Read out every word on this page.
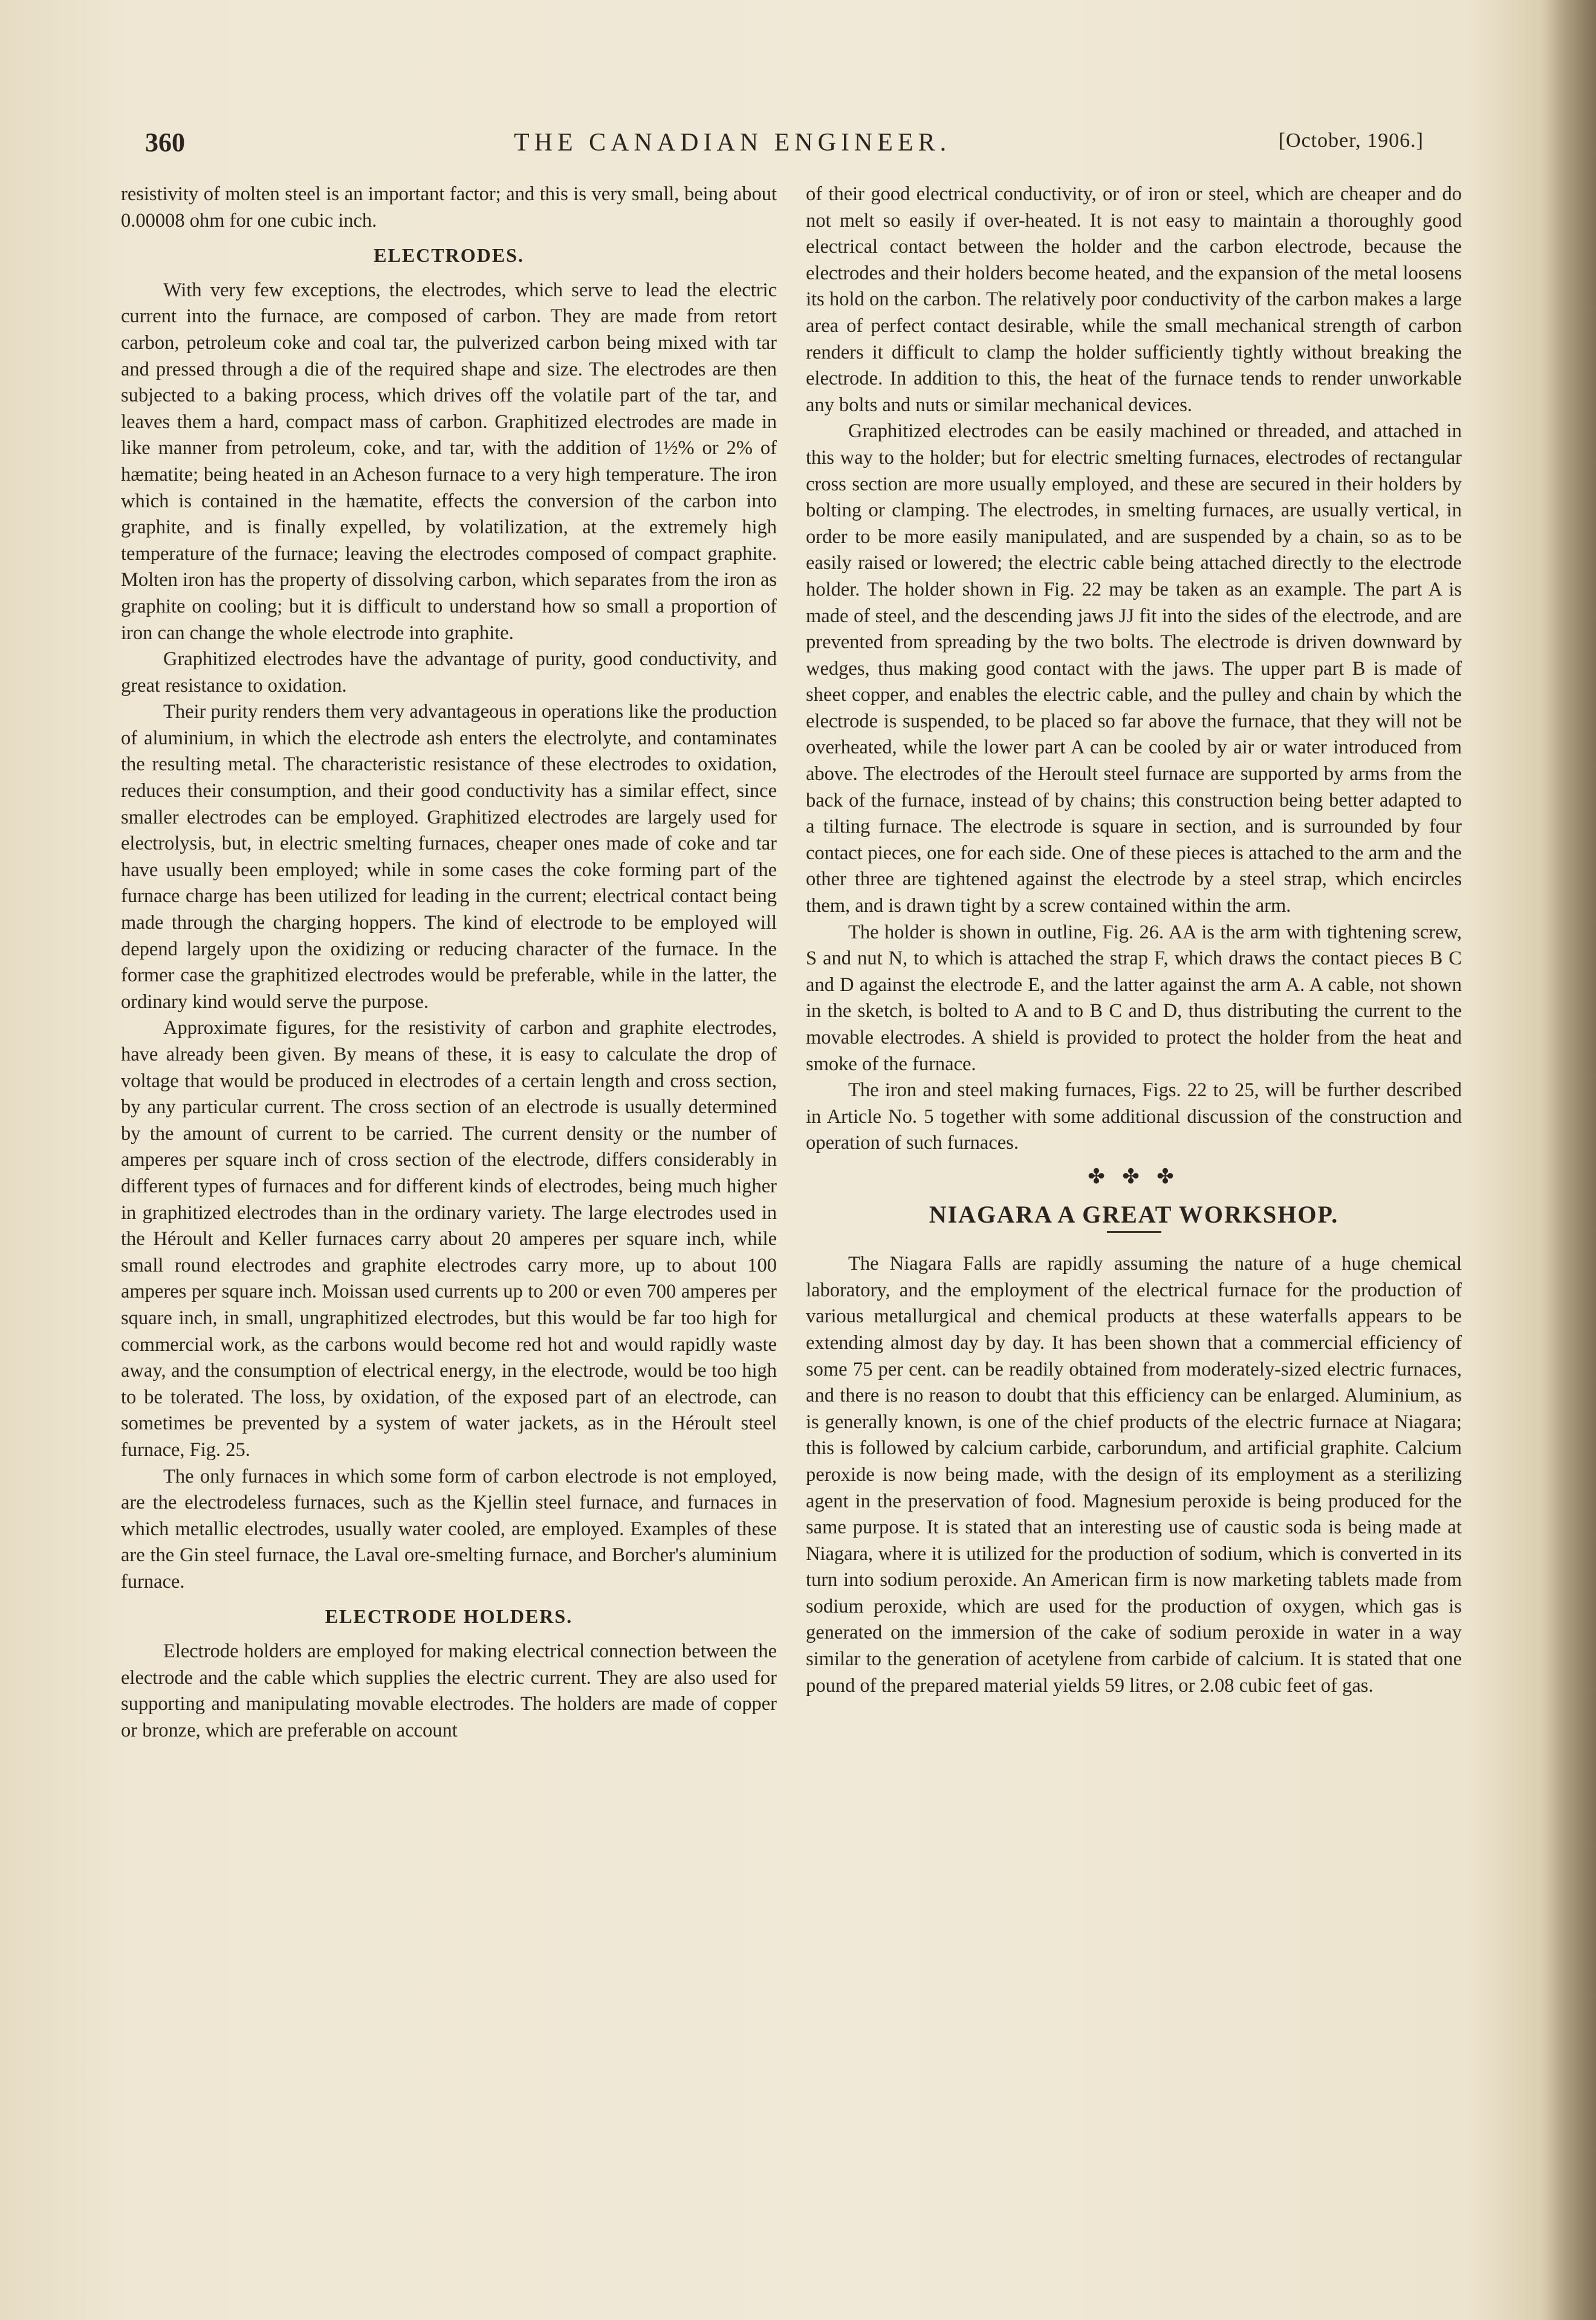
360	THE CANADIAN ENGINEER.	[October, 1906.]

resistivity of molten steel is an important factor; and this is very small, being about 0.00008 ohm for one cubic inch.

ELECTRODES.

With very few exceptions, the electrodes, which serve to lead the electric current into the furnace, are composed of carbon. They are made from retort carbon, petroleum coke and coal tar, the pulverized carbon being mixed with tar and pressed through a die of the required shape and size. The electrodes are then subjected to a baking process, which drives off the volatile part of the tar, and leaves them a hard, compact mass of carbon. Graphitized electrodes are made in like manner from petroleum, coke, and tar, with the addition of 1½% or 2% of hæmatite; being heated in an Acheson furnace to a very high temperature. The iron which is contained in the hæmatite, effects the conversion of the carbon into graphite, and is finally expelled, by volatilization, at the extremely high temperature of the furnace; leaving the electrodes composed of compact graphite. Molten iron has the property of dissolving carbon, which separates from the iron as graphite on cooling; but it is difficult to understand how so small a proportion of iron can change the whole electrode into graphite.

Graphitized electrodes have the advantage of purity, good conductivity, and great resistance to oxidation.

Their purity renders them very advantageous in operations like the production of aluminium, in which the electrode ash enters the electrolyte, and contaminates the resulting metal. The characteristic resistance of these electrodes to oxidation, reduces their consumption, and their good conductivity has a similar effect, since smaller electrodes can be employed. Graphitized electrodes are largely used for electrolysis, but, in electric smelting furnaces, cheaper ones made of coke and tar have usually been employed; while in some cases the coke forming part of the furnace charge has been utilized for leading in the current; electrical contact being made through the charging hoppers. The kind of electrode to be employed will depend largely upon the oxidizing or reducing character of the furnace. In the former case the graphitized electrodes would be preferable, while in the latter, the ordinary kind would serve the purpose.

Approximate figures, for the resistivity of carbon and graphite electrodes, have already been given. By means of these, it is easy to calculate the drop of voltage that would be produced in electrodes of a certain length and cross section, by any particular current. The cross section of an electrode is usually determined by the amount of current to be carried. The current density or the number of amperes per square inch of cross section of the electrode, differs considerably in different types of furnaces and for different kinds of electrodes, being much higher in graphitized electrodes than in the ordinary variety. The large electrodes used in the Héroult and Keller furnaces carry about 20 amperes per square inch, while small round electrodes and graphite electrodes carry more, up to about 100 amperes per square inch. Moissan used currents up to 200 or even 700 amperes per square inch, in small, ungraphitized electrodes, but this would be far too high for commercial work, as the carbons would become red hot and would rapidly waste away, and the consumption of electrical energy, in the electrode, would be too high to be tolerated. The loss, by oxidation, of the exposed part of an electrode, can sometimes be prevented by a system of water jackets, as in the Héroult steel furnace, Fig. 25.

The only furnaces in which some form of carbon electrode is not employed, are the electrodeless furnaces, such as the Kjellin steel furnace, and furnaces in which metallic electrodes, usually water cooled, are employed. Examples of these are the Gin steel furnace, the Laval ore-smelting furnace, and Borcher's aluminium furnace.

ELECTRODE HOLDERS.

Electrode holders are employed for making electrical connection between the electrode and the cable which supplies the electric current. They are also used for supporting and manipulating movable electrodes. The holders are made of copper or bronze, which are preferable on account

of their good electrical conductivity, or of iron or steel, which are cheaper and do not melt so easily if over-heated. It is not easy to maintain a thoroughly good electrical contact between the holder and the carbon electrode, because the electrodes and their holders become heated, and the expansion of the metal loosens its hold on the carbon. The relatively poor conductivity of the carbon makes a large area of perfect contact desirable, while the small mechanical strength of carbon renders it difficult to clamp the holder sufficiently tightly without breaking the electrode. In addition to this, the heat of the furnace tends to render unworkable any bolts and nuts or similar mechanical devices.

Graphitized electrodes can be easily machined or threaded, and attached in this way to the holder; but for electric smelting furnaces, electrodes of rectangular cross section are more usually employed, and these are secured in their holders by bolting or clamping. The electrodes, in smelting furnaces, are usually vertical, in order to be more easily manipulated, and are suspended by a chain, so as to be easily raised or lowered; the electric cable being attached directly to the electrode holder. The holder shown in Fig. 22 may be taken as an example. The part A is made of steel, and the descending jaws JJ fit into the sides of the electrode, and are prevented from spreading by the two bolts. The electrode is driven downward by wedges, thus making good contact with the jaws. The upper part B is made of sheet copper, and enables the electric cable, and the pulley and chain by which the electrode is suspended, to be placed so far above the furnace, that they will not be overheated, while the lower part A can be cooled by air or water introduced from above. The electrodes of the Heroult steel furnace are supported by arms from the back of the furnace, instead of by chains; this construction being better adapted to a tilting furnace. The electrode is square in section, and is surrounded by four contact pieces, one for each side. One of these pieces is attached to the arm and the other three are tightened against the electrode by a steel strap, which encircles them, and is drawn tight by a screw contained within the arm.

The holder is shown in outline, Fig. 26. AA is the arm with tightening screw, S and nut N, to which is attached the strap F, which draws the contact pieces B C and D against the electrode E, and the latter against the arm A. A cable, not shown in the sketch, is bolted to A and to B C and D, thus distributing the current to the movable electrodes. A shield is provided to protect the holder from the heat and smoke of the furnace.

The iron and steel making furnaces, Figs. 22 to 25, will be further described in Article No. 5 together with some additional discussion of the construction and operation of such furnaces.

✤ ✤ ✤
NIAGARA A GREAT WORKSHOP.

The Niagara Falls are rapidly assuming the nature of a huge chemical laboratory, and the employment of the electrical furnace for the production of various metallurgical and chemical products at these waterfalls appears to be extending almost day by day. It has been shown that a commercial efficiency of some 75 per cent. can be readily obtained from moderately-sized electric furnaces, and there is no reason to doubt that this efficiency can be enlarged. Aluminium, as is generally known, is one of the chief products of the electric furnace at Niagara; this is followed by calcium carbide, carborundum, and artificial graphite. Calcium peroxide is now being made, with the design of its employment as a sterilizing agent in the preservation of food. Magnesium peroxide is being produced for the same purpose. It is stated that an interesting use of caustic soda is being made at Niagara, where it is utilized for the production of sodium, which is converted in its turn into sodium peroxide. An American firm is now marketing tablets made from sodium peroxide, which are used for the production of oxygen, which gas is generated on the immersion of the cake of sodium peroxide in water in a way similar to the generation of acetylene from carbide of calcium. It is stated that one pound of the prepared material yields 59 litres, or 2.08 cubic feet of gas.
